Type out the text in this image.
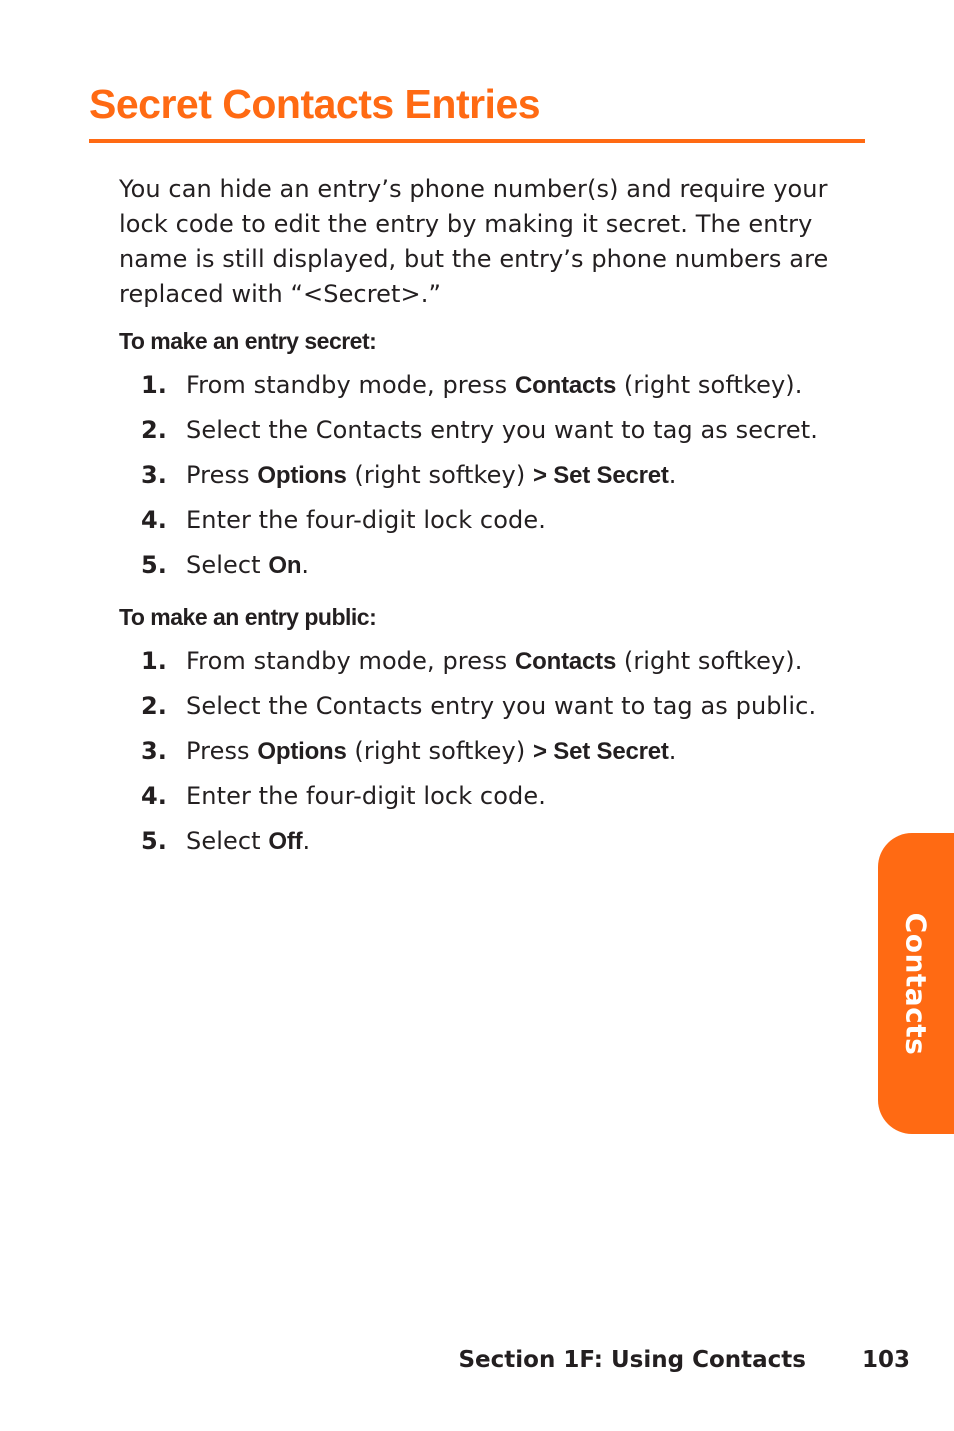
Secret Contacts Entries

You can hide an entry’s phone number(s) and require your lock code to edit the entry by making it secret. The entry name is still displayed, but the entry’s phone numbers are replaced with “<Secret>.”

To make an entry secret:
1. From standby mode, press Contacts (right softkey).
2. Select the Contacts entry you want to tag as secret.
3. Press Options (right softkey) > Set Secret.
4. Enter the four-digit lock code.
5. Select On.
To make an entry public:
1. From standby mode, press Contacts (right softkey).
2. Select the Contacts entry you want to tag as public.
3. Press Options (right softkey) > Set Secret.
4. Enter the four-digit lock code.
5. Select Off.
Contacts
Section 1F: Using Contacts 103
